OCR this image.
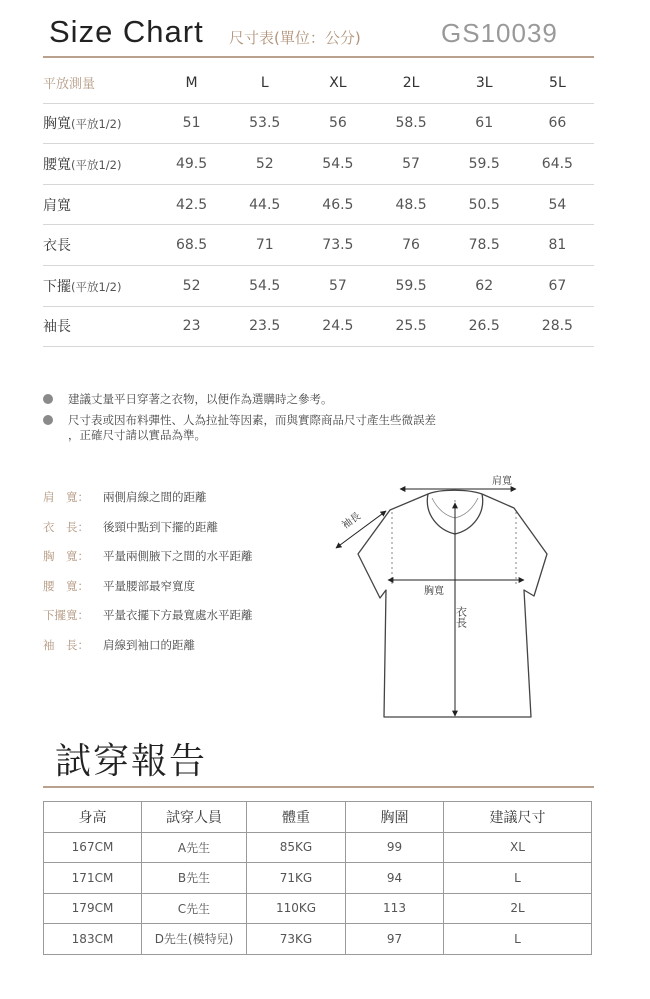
Size Chart 尺寸表(單位：公分)	GS10039
平放測量	M	L	XL	2L	3L	5L
胸寬(平放1/2)	51	53.5	56	58.5	61	66
腰寬(平放1/2)	49.5	52	54.5	57	59.5	64.5
肩寬	42.5	44.5	46.5	48.5	50.5	54
衣長	68.5	71	73.5	76	78.5	81
下擺(平放1/2)	52	54.5	57	59.5	62	67
袖長	23	23.5	24.5	25.5	26.5	28.5
建議丈量平日穿著之衣物，以便作為選購時之參考。
尺寸表或因布料彈性、人為拉扯等因素，而與實際商品尺寸產生些微誤差
，正確尺寸請以實品為準。
肩　寬： 兩側肩線之間的距離
衣　長： 後頸中點到下擺的距離
胸　寬： 平量兩側腋下之間的水平距離
腰　寬： 平量腰部最窄寬度
下擺寬： 平量衣擺下方最寬處水平距離
袖　長： 肩線到袖口的距離
肩寬
袖長
胸寬
衣長
試穿報告
身高	試穿人員	體重	胸圍	建議尺寸
167CM	A先生	85KG	99	XL
171CM	B先生	71KG	94	L
179CM	C先生	110KG	113	2L
183CM	D先生(模特兒)	73KG	97	L
